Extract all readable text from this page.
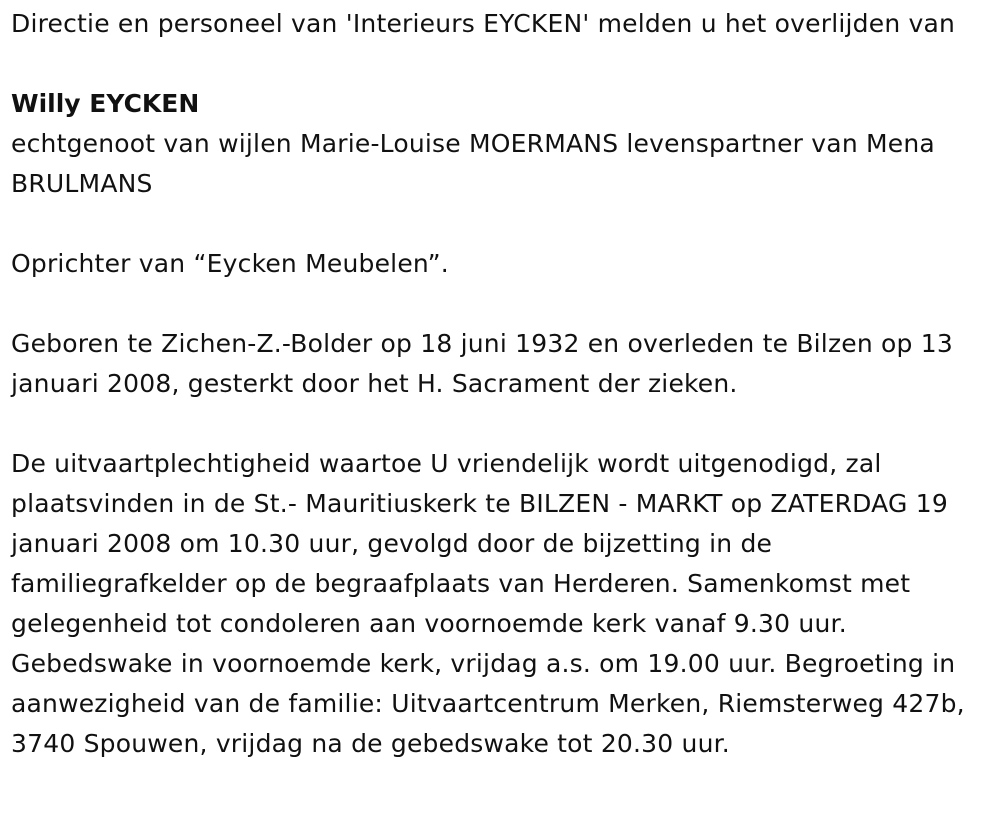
Directie en personeel van 'Interieurs EYCKEN' melden u het overlijden van

Willy EYCKEN

echtgenoot van wijlen Marie-Louise MOERMANS levenspartner van Mena BRULMANS

Oprichter van “Eycken Meubelen”.

Geboren te Zichen-Z.-Bolder op 18 juni 1932 en overleden te Bilzen op 13 januari 2008, gesterkt door het H. Sacrament der zieken.

De uitvaartplechtigheid waartoe U vriendelijk wordt uitgenodigd, zal plaatsvinden in de St.- Mauritiuskerk te BILZEN - MARKT op ZATERDAG 19 januari 2008 om 10.30 uur, gevolgd door de bijzetting in de familiegrafkelder op de begraafplaats van Herderen. Samenkomst met gelegenheid tot condoleren aan voornoemde kerk vanaf 9.30 uur. Gebedswake in voornoemde kerk, vrijdag a.s. om 19.00 uur. Begroeting in aanwezigheid van de familie: Uitvaartcentrum Merken, Riemsterweg 427b, 3740 Spouwen, vrijdag na de gebedswake tot 20.30 uur.
